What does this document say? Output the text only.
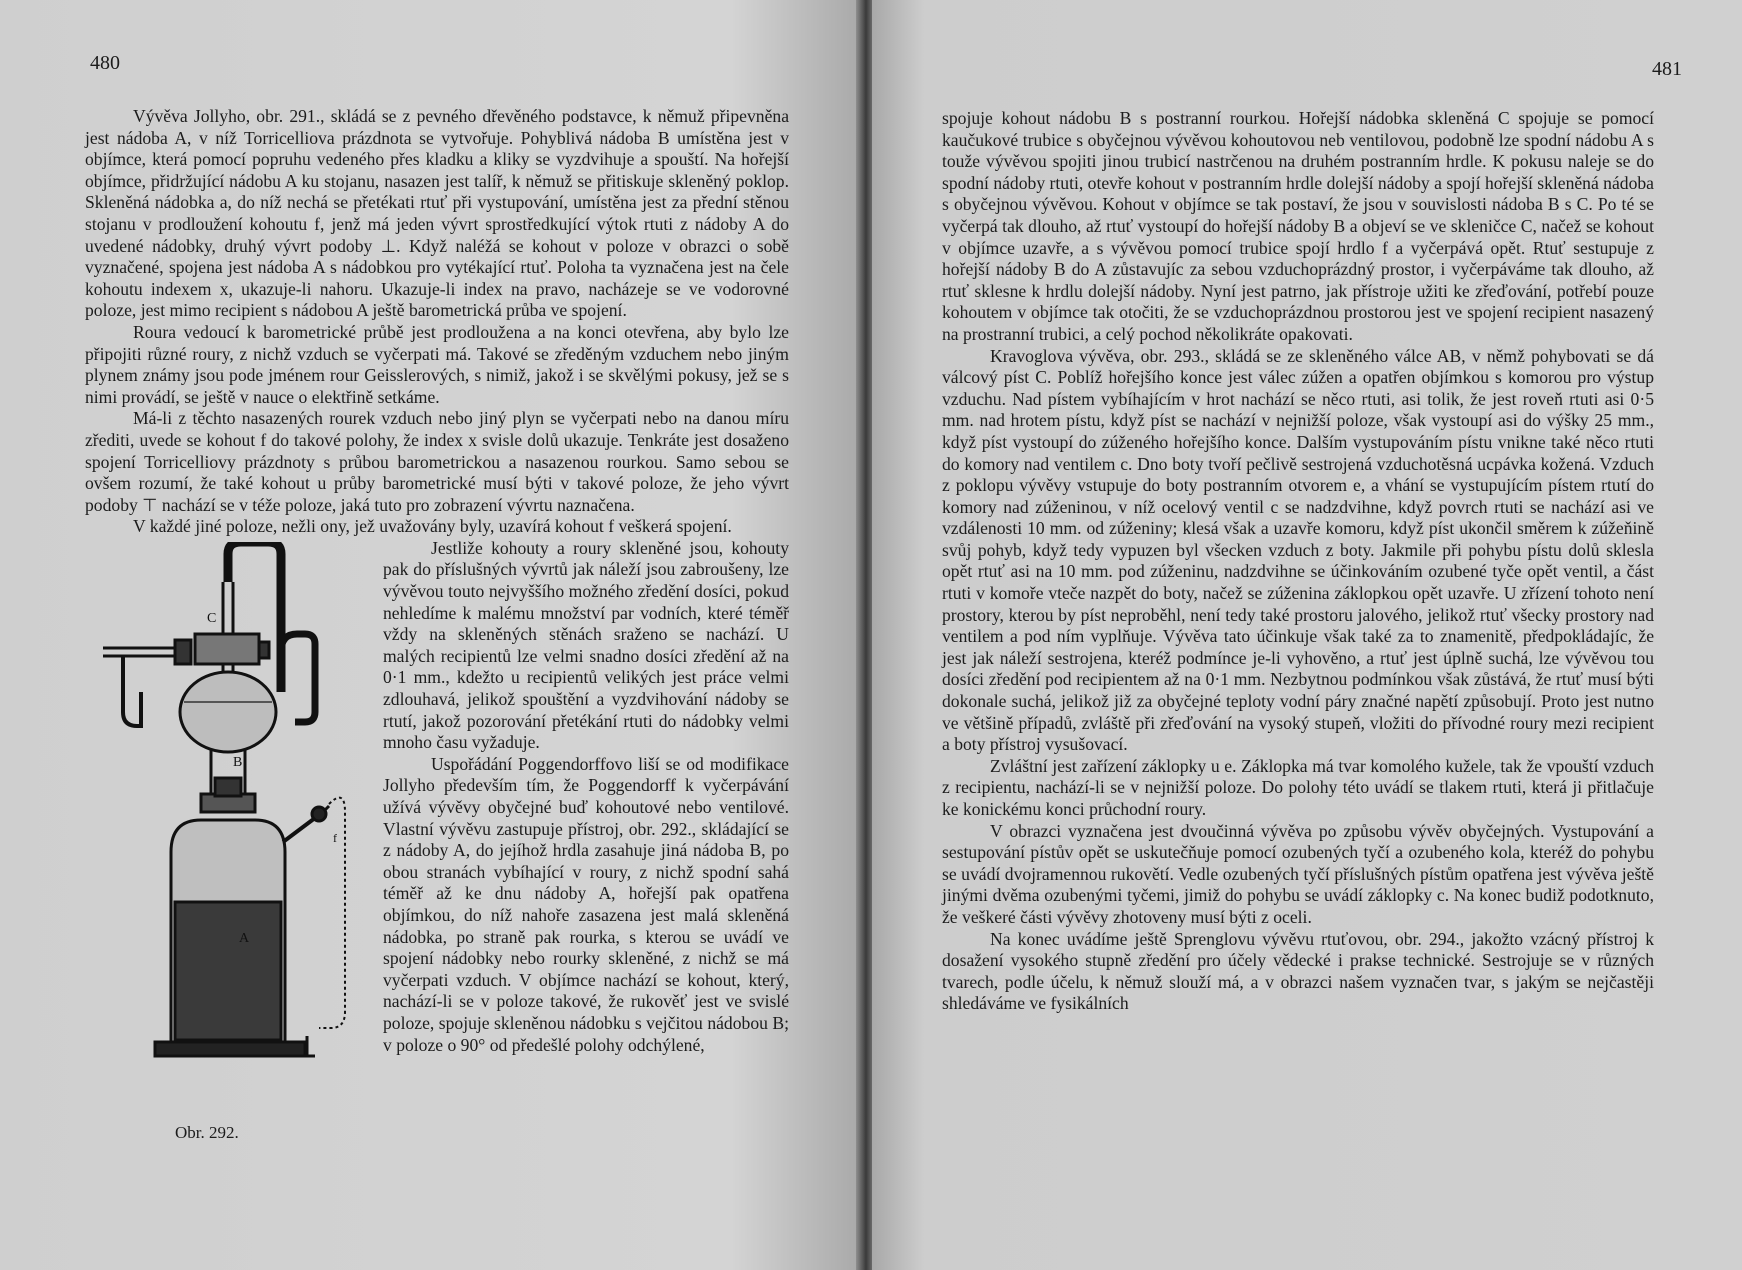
480

Vývěva Jollyho, obr. 291., skládá se z pevného dřevěného podstavce, k němuž připevněna jest nádoba A, v níž Torricelliova prázdnota se vytvořuje. Pohyblivá nádoba B umístěna jest v objímce, která pomocí popruhu vedeného přes kladku a kliky se vyzdvihuje a spouští. Na hořejší objímce, přidržující nádobu A ku stojanu, nasazen jest talíř, k němuž se přitiskuje skleněný poklop. Skleněná nádobka a, do níž nechá se přetékati rtuť při vystupování, umístěna jest za přední stěnou stojanu v prodloužení kohoutu f, jenž má jeden vývrt sprostředkující výtok rtuti z nádoby A do uvedené nádobky, druhý vývrt podoby ⊥. Když naléžá se kohout v poloze v obrazci o sobě vyznačené, spojena jest nádoba A s nádobkou pro vytékající rtuť. Poloha ta vyznačena jest na čele kohoutu indexem x, ukazuje-li nahoru. Ukazuje-li index na pravo, nacházeje se ve vodorovné poloze, jest mimo recipient s nádobou A ještě barometrická průba ve spojení.

Roura vedoucí k barometrické průbě jest prodloužena a na konci otevřena, aby bylo lze připojiti různé roury, z nichž vzduch se vyčerpati má. Takové se zředěným vzduchem nebo jiným plynem známy jsou pode jménem rour Geisslerových, s nimiž, jakož i se skvělými pokusy, jež se s nimi provádí, se ještě v nauce o elektřině setkáme.

Má-li z těchto nasazených rourek vzduch nebo jiný plyn se vyčerpati nebo na danou míru zřediti, uvede se kohout f do takové polohy, že index x svisle dolů ukazuje. Tenkráte jest dosaženo spojení Torricelliovy prázdnoty s průbou barometrickou a nasazenou rourkou. Samo sebou se ovšem rozumí, že také kohout u průby barometrické musí býti v takové poloze, že jeho vývrt podoby ⊤ nachází se v téže poloze, jaká tuto pro zobrazení vývrtu naznačena.

V každé jiné poloze, nežli ony, jež uvažovány byly, uzavírá kohout f veškerá spojení.

C
B
A
f
Obr. 292.

Jestliže kohouty a roury skleněné jsou, kohouty pak do příslušných vývrtů jak náleží jsou zabroušeny, lze vývěvou touto nejvyššího možného zředění dosíci, pokud nehledíme k malému množství par vodních, které téměř vždy na skleněných stěnách sraženo se nachází. U malých recipientů lze velmi snadno dosíci zředění až na 0·1 mm., kdežto u recipientů velikých jest práce velmi zdlouhavá, jelikož spouštění a vyzdvihování nádoby se rtutí, jakož pozorování přetékání rtuti do nádobky velmi mnoho času vyžaduje.

Uspořádání Poggendorffovo liší se od modifikace Jollyho především tím, že Poggendorff k vyčerpávání užívá vývěvy obyčejné buď kohoutové nebo ventilové. Vlastní vývěvu zastupuje přístroj, obr. 292., skládající se z nádoby A, do jejíhož hrdla zasahuje jiná nádoba B, po obou stranách vybíhající v roury, z nichž spodní sahá téměř až ke dnu nádoby A, hořejší pak opatřena objímkou, do níž nahoře zasazena jest malá skleněná nádobka, po straně pak rourka, s kterou se uvádí ve spojení nádobky nebo rourky skleněné, z nichž se má vyčerpati vzduch. V objímce nachází se kohout, který, nachází-li se v poloze takové, že rukověť jest ve svislé poloze, spojuje skleněnou nádobku s vejčitou nádobou B; v poloze o 90° od předešlé polohy odchýlené,

481

spojuje kohout nádobu B s postranní rourkou. Hořejší nádobka skleněná C spojuje se pomocí kaučukové trubice s obyčejnou vývěvou kohoutovou neb ventilovou, podobně lze spodní nádobu A s touže vývěvou spojiti jinou trubicí nastrčenou na druhém postranním hrdle. K pokusu naleje se do spodní nádoby rtuti, otevře kohout v postranním hrdle dolejší nádoby a spojí hořejší skleněná nádoba s obyčejnou vývěvou. Kohout v objímce se tak postaví, že jsou v souvislosti nádoba B s C. Po té se vyčerpá tak dlouho, až rtuť vystoupí do hořejší nádoby B a objeví se ve skleničce C, načež se kohout v objímce uzavře, a s vývěvou pomocí trubice spojí hrdlo f a vyčerpává opět. Rtuť sestupuje z hořejší nádoby B do A zůstavujíc za sebou vzduchoprázdný prostor, i vyčerpáváme tak dlouho, až rtuť sklesne k hrdlu dolejší nádoby. Nyní jest patrno, jak přístroje užiti ke zřeďování, potřebí pouze kohoutem v objímce tak otočiti, že se vzduchoprázdnou prostorou jest ve spojení recipient nasazený na prostranní trubici, a celý pochod několikráte opakovati.

Kravoglova vývěva, obr. 293., skládá se ze skleněného válce AB, v němž pohybovati se dá válcový píst C. Poblíž hořejšího konce jest válec zúžen a opatřen objímkou s komorou pro výstup vzduchu. Nad pístem vybíhajícím v hrot nachází se něco rtuti, asi tolik, že jest roveň rtuti asi 0·5 mm. nad hrotem pístu, když píst se nachází v nejnižší poloze, však vystoupí asi do výšky 25 mm., když píst vystoupí do zúženého hořejšího konce. Dalším vystupováním pístu vnikne také něco rtuti do komory nad ventilem c. Dno boty tvoří pečlivě sestrojená vzduchotěsná ucpávka kožená. Vzduch z poklopu vývěvy vstupuje do boty postranním otvorem e, a vhání se vystupujícím pístem rtutí do komory nad zúženinou, v níž ocelový ventil c se nadzdvihne, když povrch rtuti se nachází asi ve vzdálenosti 10 mm. od zúženiny; klesá však a uzavře komoru, když píst ukončil směrem k zúžeňině svůj pohyb, když tedy vypuzen byl všecken vzduch z boty. Jakmile při pohybu pístu dolů sklesla opět rtuť asi na 10 mm. pod zúženinu, nadzdvihne se účinkováním ozubené tyče opět ventil, a část rtuti v komoře vteče nazpět do boty, načež se zúženina záklopkou opět uzavře. U zřízení tohoto není prostory, kterou by píst neproběhl, není tedy také prostoru jalového, jelikož rtuť všecky prostory nad ventilem a pod ním vyplňuje. Vývěva tato účinkuje však také za to znamenitě, předpokládajíc, že jest jak náleží sestrojena, kteréž podmínce je-li vyhověno, a rtuť jest úplně suchá, lze vývěvou tou dosíci zředění pod recipientem až na 0·1 mm. Nezbytnou podmínkou však zůstává, že rtuť musí býti dokonale suchá, jelikož již za obyčejné teploty vodní páry značné napětí způsobují. Proto jest nutno ve většině případů, zvláště při zřeďování na vysoký stupeň, vložiti do přívodné roury mezi recipient a boty přístroj vysušovací.

Zvláštní jest zařízení záklopky u e. Záklopka má tvar komolého kužele, tak že vpouští vzduch z recipientu, nachází-li se v nejnižší poloze. Do polohy této uvádí se tlakem rtuti, která ji přitlačuje ke konickému konci průchodní roury.

V obrazci vyznačena jest dvoučinná vývěva po způsobu vývěv obyčejných. Vystupování a sestupování pístův opět se uskutečňuje pomocí ozubených tyčí a ozubeného kola, kteréž do pohybu se uvádí dvojramennou rukovětí. Vedle ozubených tyčí příslušných pístům opatřena jest vývěva ještě jinými dvěma ozubenými tyčemi, jimiž do pohybu se uvádí záklopky c. Na konec budiž podotknuto, že veškeré části vývěvy zhotoveny musí býti z oceli.

Na konec uvádíme ještě Sprenglovu vývěvu rtuťovou, obr. 294., jakožto vzácný přístroj k dosažení vysokého stupně zředění pro účely vědecké i prakse technické. Sestrojuje se v různých tvarech, podle účelu, k němuž slouží má, a v obrazci našem vyznačen tvar, s jakým se nejčastěji shledáváme ve fysikálních
